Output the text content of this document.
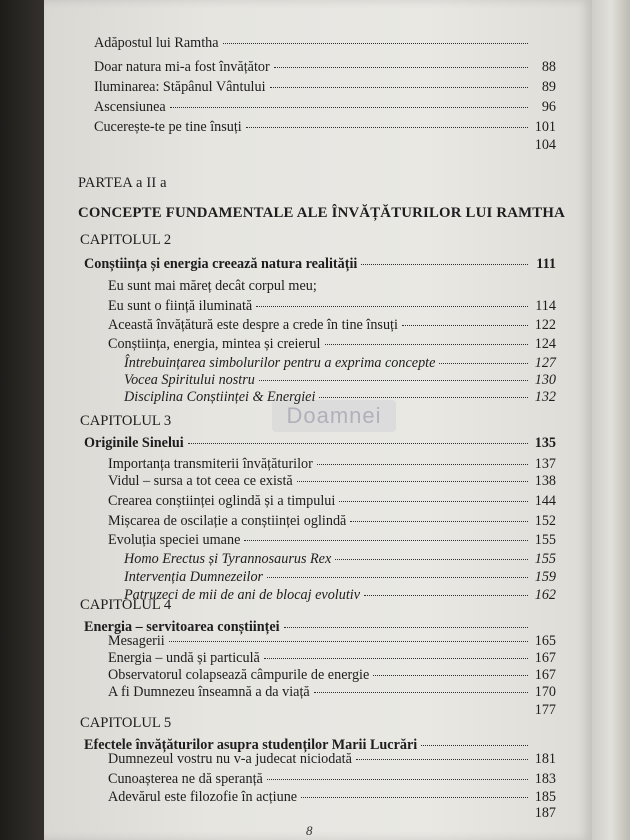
Doamnei
Adăpostul lui Ramtha
Doar natura mi-a fost învățător	88
Iluminarea: Stăpânul Vântului	89
Ascensiunea	96
Cucerește-te pe tine însuți	101
104
PARTEA a II a
CONCEPTE FUNDAMENTALE ALE ÎNVĂȚĂTURILOR LUI RAMTHA
CAPITOLUL 2
Conștiința și energia creează natura realității	111
Eu sunt mai măreț decât corpul meu;
Eu sunt o ființă iluminată	114
Această învățătură este despre a crede în tine însuți	122
Conștiința, energia, mintea și creierul	124
Întrebuințarea simbolurilor pentru a exprima concepte	127
Vocea Spiritului nostru	130
Disciplina Conștiinței & Energiei	132
CAPITOLUL 3
Originile Sinelui	135
Importanța transmiterii învățăturilor	137
Vidul – sursa a tot ceea ce există	138
Crearea conștiinței oglindă și a timpului	144
Mișcarea de oscilație a conștiinței oglindă	152
Evoluția speciei umane	155
Homo Erectus și Tyrannosaurus Rex	155
Intervenția Dumnezeilor	159
Patruzeci de mii de ani de blocaj evolutiv	162
CAPITOLUL 4
Energia – servitoarea conștiinței
Mesagerii	165
Energia – undă și particulă	167
Observatorul colapsează câmpurile de energie	167
A fi Dumnezeu înseamnă a da viață	170
177
CAPITOLUL 5
Efectele învățăturilor asupra studenților Marii Lucrări
Dumnezeul vostru nu v-a judecat niciodată	181
Cunoașterea ne dă speranță	183
Adevărul este filozofie în acțiune	185
187
8
